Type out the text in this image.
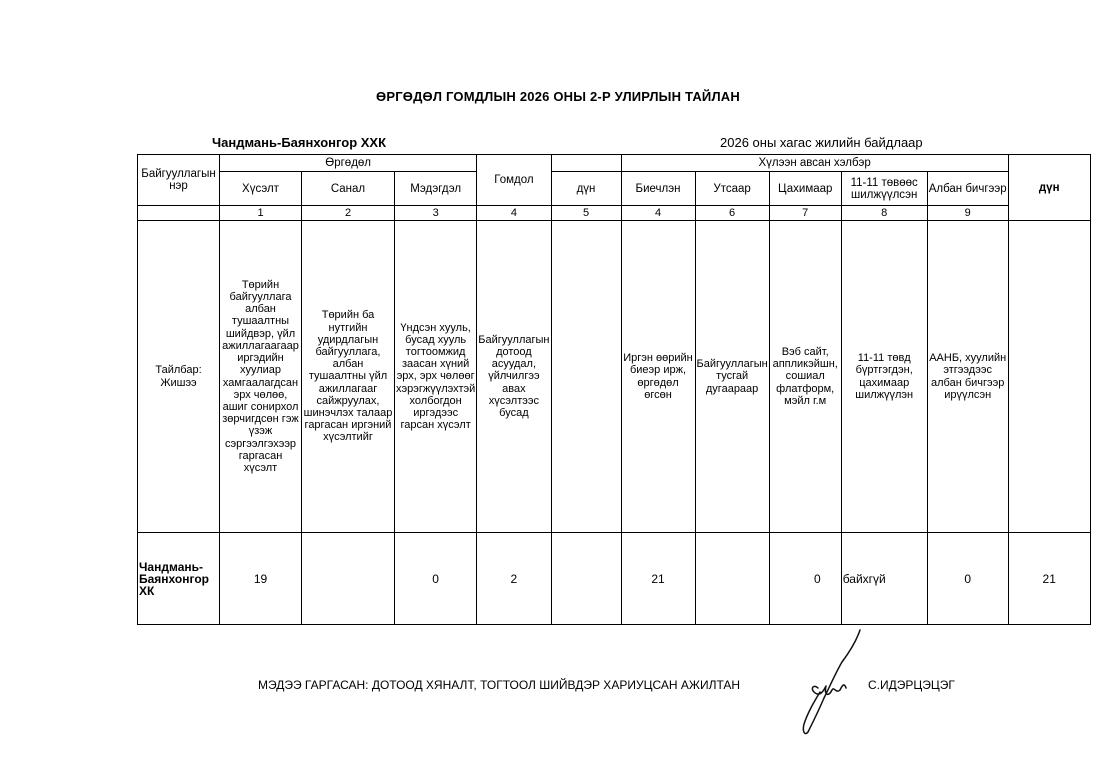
ӨРГӨДӨЛ ГОМДЛЫН 2026 ОНЫ 2-Р УЛИРЛЫН ТАЙЛАН
Чандмань-Баянхонгор ХХК	2026 оны хагас жилийн байдлаар
Байгууллагын нэр	Өргөдөл			Гомдол		Хүлээн авсан хэлбэр					дүн
	Хүсэлт	Санал	Мэдэгдэл		дүн	Биечлэн	Утсаар	Цахимаар	11-11 төвөөс шилжүүлсэн	Албан бичгээр	
	1	2	3	4	5	4	6	7	8	9	
Тайлбар: Жишээ	Төрийн байгууллага албан тушаалтны шийдвэр, үйл ажиллагаагаар иргэдийн хуулиар хамгаалагдсан эрх чөлөө, ашиг сонирхол зөрчигдсөн гэж үзэж сэргээлгэхээр гаргасан хүсэлт	Төрийн ба нутгийн удирдлагын байгууллага, албан тушаалтны үйл ажиллагааг сайжруулах, шинэчлэх талаар гаргасан иргэний хүсэлтийг	Үндсэн хууль, бусад хууль тогтоомжид заасан хүний эрх, эрх чөлөөг хэрэгжүүлэхтэй холбогдон иргэдээс гарсан хүсэлт	Байгууллагын дотоод асуудал, үйлчилгээ авах хүсэлтээс бусад		Иргэн өөрийн биеэр ирж, өргөдөл өгсөн	Байгууллагын тусгай дугаараар	Вэб сайт, аппликэйшн, сошиал флатформ, мэйл г.м	11-11 төвд бүртгэгдэн, цахимаар шилжүүлэн	ААНБ, хуулийн этгээдээс албан бичгээр ирүүлсэн	
Чандмань-Баянхонгор ХК	19		0	2		21		0	байхгүй	0	21
МЭДЭЭ ГАРГАСАН: ДОТООД ХЯНАЛТ, ТОГТООЛ ШИЙВДЭР ХАРИУЦСАН АЖИЛТАН	С.ИДЭРЦЭЦЭГ
